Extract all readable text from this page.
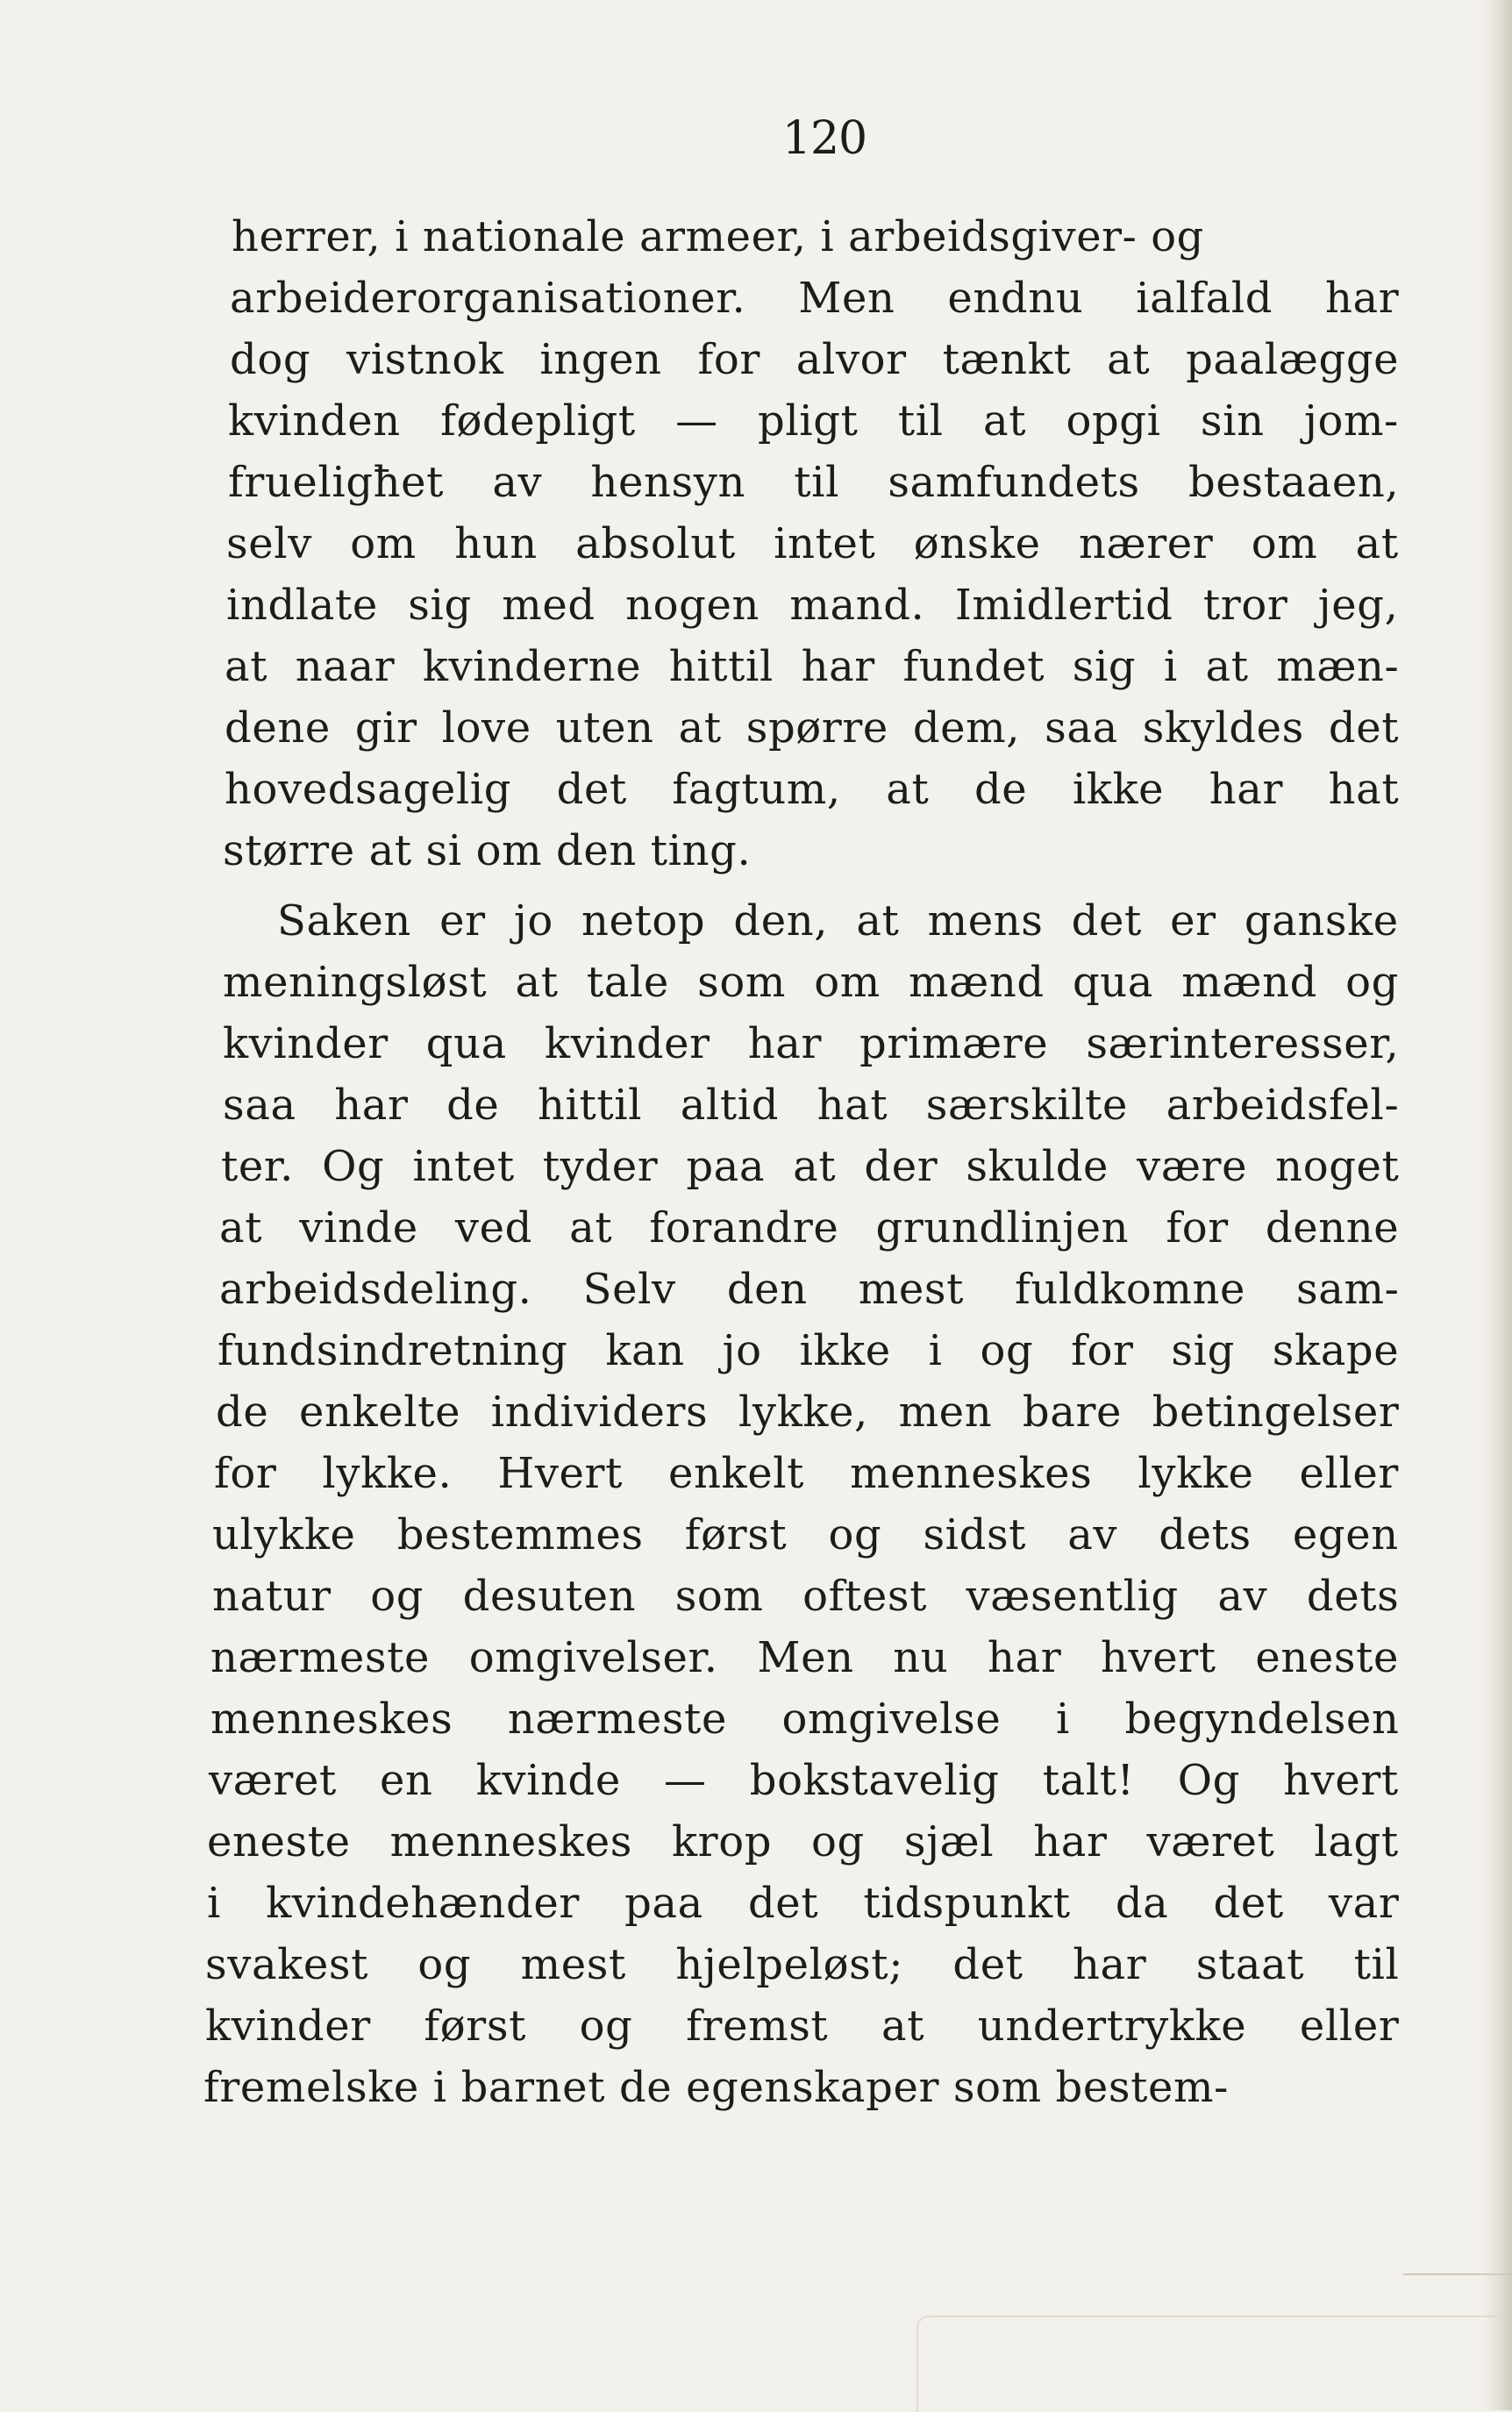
120
herrer, i nationale armeer, i arbeidsgiver- og
arbeiderorganisationer. Men endnu ialfald har
dog vistnok ingen for alvor tænkt at paalægge
kvinden fødepligt — pligt til at opgi sin jom-
frueligħet av hensyn til samfundets bestaaen,
selv om hun absolut intet ønske nærer om at
indlate sig med nogen mand. Imidlertid tror jeg,
at naar kvinderne hittil har fundet sig i at mæn-
dene gir love uten at spørre dem, saa skyldes det
hovedsagelig det fagtum, at de ikke har hat
større at si om den ting.
Saken er jo netop den, at mens det er ganske
meningsløst at tale som om mænd qua mænd og
kvinder qua kvinder har primære særinteresser,
saa har de hittil altid hat særskilte arbeidsfel-
ter. Og intet tyder paa at der skulde være noget
at vinde ved at forandre grundlinjen for denne
arbeidsdeling. Selv den mest fuldkomne sam-
fundsindretning kan jo ikke i og for sig skape
de enkelte individers lykke, men bare betingelser
for lykke. Hvert enkelt menneskes lykke eller
ulykke bestemmes først og sidst av dets egen
natur og desuten som oftest væsentlig av dets
nærmeste omgivelser. Men nu har hvert eneste
menneskes nærmeste omgivelse i begyndelsen
været en kvinde — bokstavelig talt! Og hvert
eneste menneskes krop og sjæl har været lagt
i kvindehænder paa det tidspunkt da det var
svakest og mest hjelpeløst; det har staat til
kvinder først og fremst at undertrykke eller
fremelske i barnet de egenskaper som bestem-
